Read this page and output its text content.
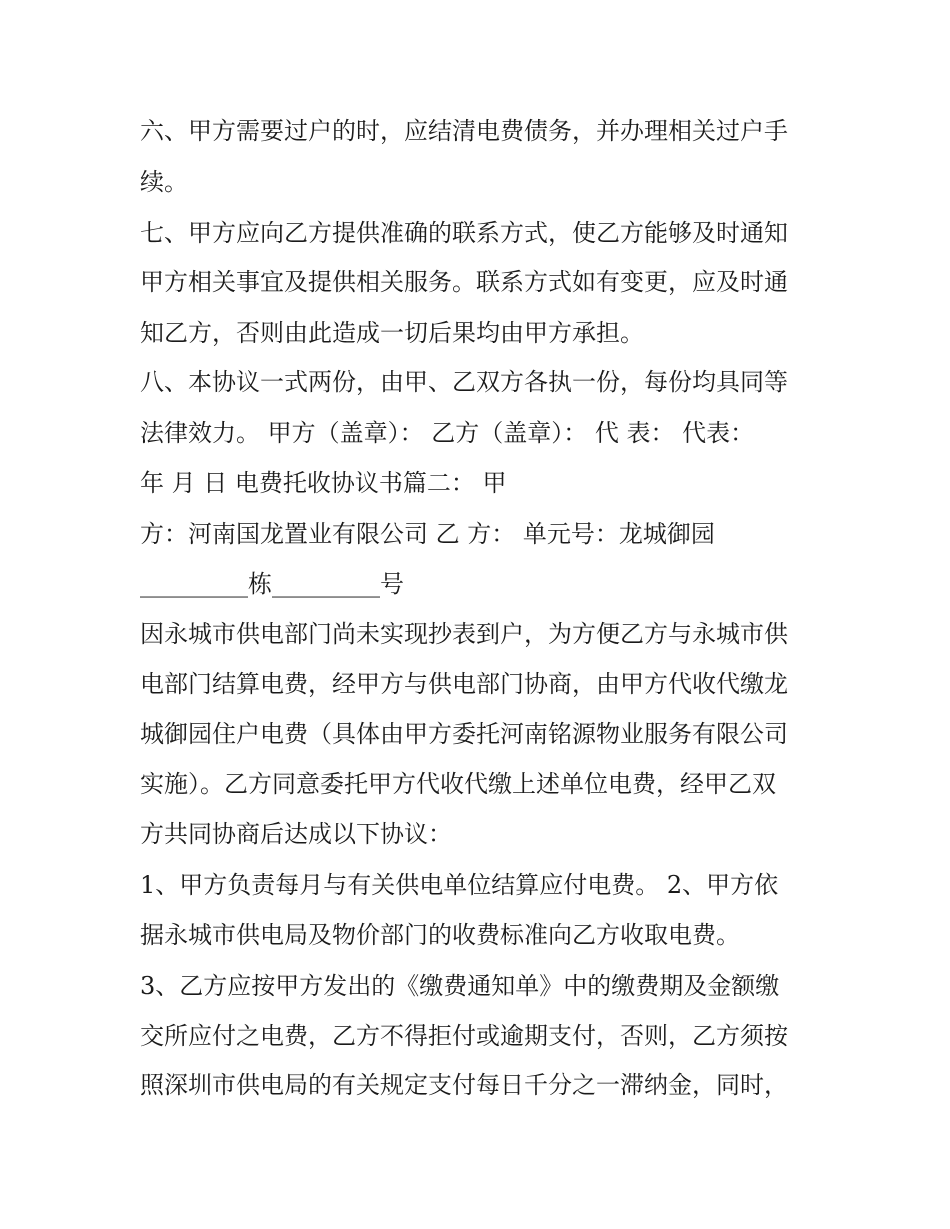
六、甲方需要过户的时，应结清电费债务，并办理相关过户手
续。
七、甲方应向乙方提供准确的联系方式，使乙方能够及时通知
甲方相关事宜及提供相关服务。联系方式如有变更，应及时通
知乙方，否则由此造成一切后果均由甲方承担。
八、本协议一式两份，由甲、乙双方各执一份，每份均具同等
法律效力。 甲方（盖章）： 乙方（盖章）： 代 表： 代表：
年 月 日 电费托收协议书篇二： 甲
方：河南国龙置业有限公司 乙 方： 单元号：龙城御园
_________栋_________号
因永城市供电部门尚未实现抄表到户，为方便乙方与永城市供
电部门结算电费，经甲方与供电部门协商，由甲方代收代缴龙
城御园住户电费（具体由甲方委托河南铭源物业服务有限公司
实施）。乙方同意委托甲方代收代缴上述单位电费，经甲乙双
方共同协商后达成以下协议：
1、甲方负责每月与有关供电单位结算应付电费。 2、甲方依
据永城市供电局及物价部门的收费标准向乙方收取电费。
3、乙方应按甲方发出的《缴费通知单》中的缴费期及金额缴
交所应付之电费，乙方不得拒付或逾期支付，否则，乙方须按
照深圳市供电局的有关规定支付每日千分之一滞纳金，同时，
